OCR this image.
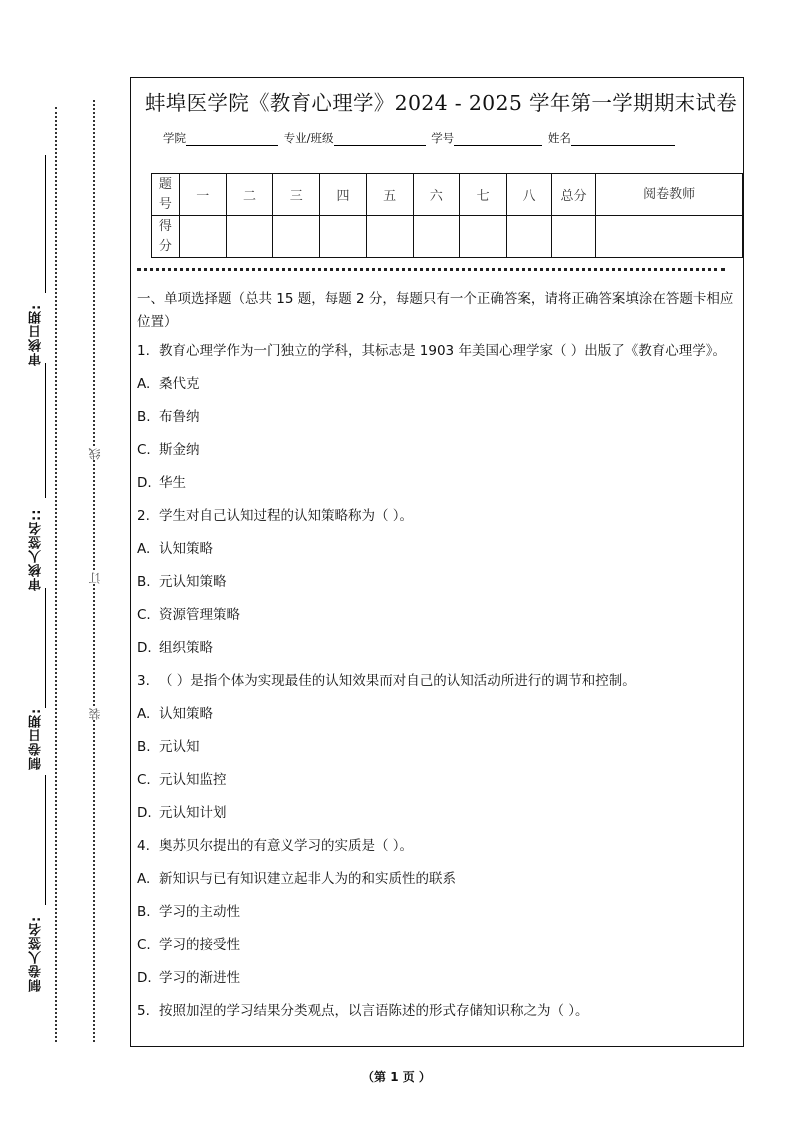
审核日期:
审核人签名::
制卷日期:
制卷人签名:
线
订
装
蚌埠医学院《教育心理学》2024 - 2025 学年第一学期期末试卷
学院	专业/班级	学号	姓名
题号	一	二	三	四	五	六	七	八	总分	阅卷教师
得分										
一、单项选择题（总共 15 题，每题 2 分，每题只有一个正确答案，请将正确答案填涂在答题卡相应位置）
1. 教育心理学作为一门独立的学科，其标志是 1903 年美国心理学家（ ）出版了《教育心理学》。
A. 桑代克
B. 布鲁纳
C. 斯金纳
D. 华生
2. 学生对自己认知过程的认知策略称为（ ）。
A. 认知策略
B. 元认知策略
C. 资源管理策略
D. 组织策略
3. （ ）是指个体为实现最佳的认知效果而对自己的认知活动所进行的调节和控制。
A. 认知策略
B. 元认知
C. 元认知监控
D. 元认知计划
4. 奥苏贝尔提出的有意义学习的实质是（ ）。
A. 新知识与已有知识建立起非人为的和实质性的联系
B. 学习的主动性
C. 学习的接受性
D. 学习的渐进性
5. 按照加涅的学习结果分类观点，以言语陈述的形式存储知识称之为（ ）。
（第 1 页 ）
